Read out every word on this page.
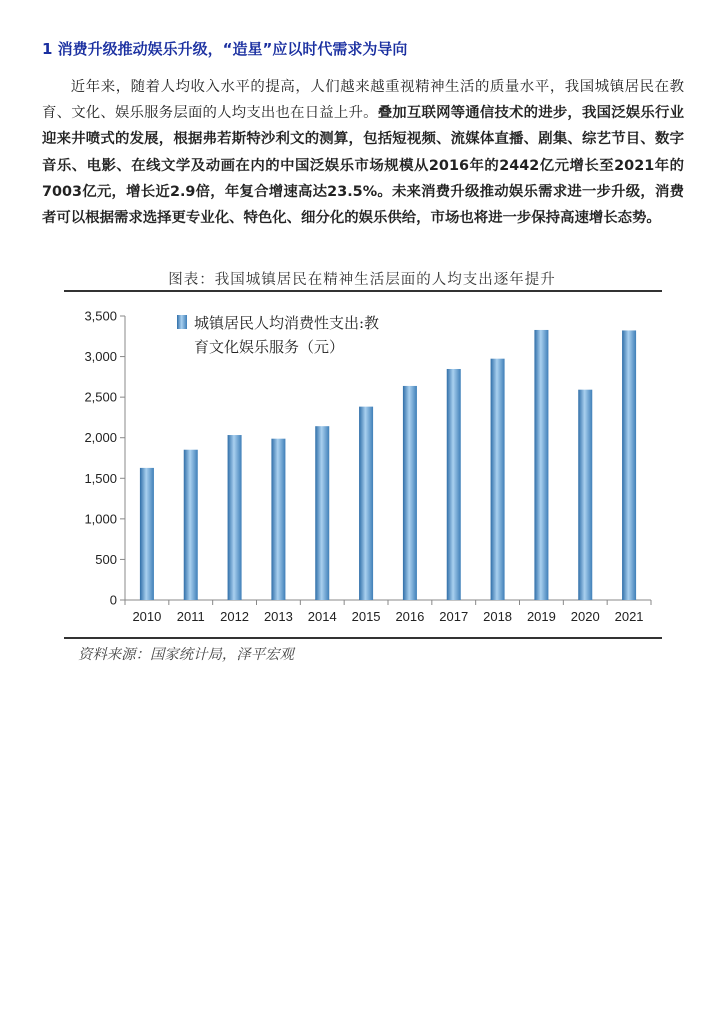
1 消费升级推动娱乐升级，“造星”应以时代需求为导向
近年来，随着人均收入水平的提高，人们越来越重视精神生活的质量水平，我国城镇居民在教育、文化、娱乐服务层面的人均支出也在日益上升。叠加互联网等通信技术的进步，我国泛娱乐行业迎来井喷式的发展，根据弗若斯特沙利文的测算，包括短视频、流媒体直播、剧集、综艺节目、数字音乐、电影、在线文学及动画在内的中国泛娱乐市场规模从2016年的2442亿元增长至2021年的7003亿元，增长近2.9倍，年复合增速高达23.5%。未来消费升级推动娱乐需求进一步升级，消费者可以根据需求选择更专业化、特色化、细分化的娱乐供给，市场也将进一步保持高速增长态势。
图表：我国城镇居民在精神生活层面的人均支出逐年提升
0
500
1,000
1,500
2,000
2,500
3,000
3,500
2010 2011 2012 2013 2014 2015 2016 2017 2018 2019 2020 2021
城镇居民人均消费性支出:教
育文化娱乐服务（元）
资料来源：国家统计局，泽平宏观
